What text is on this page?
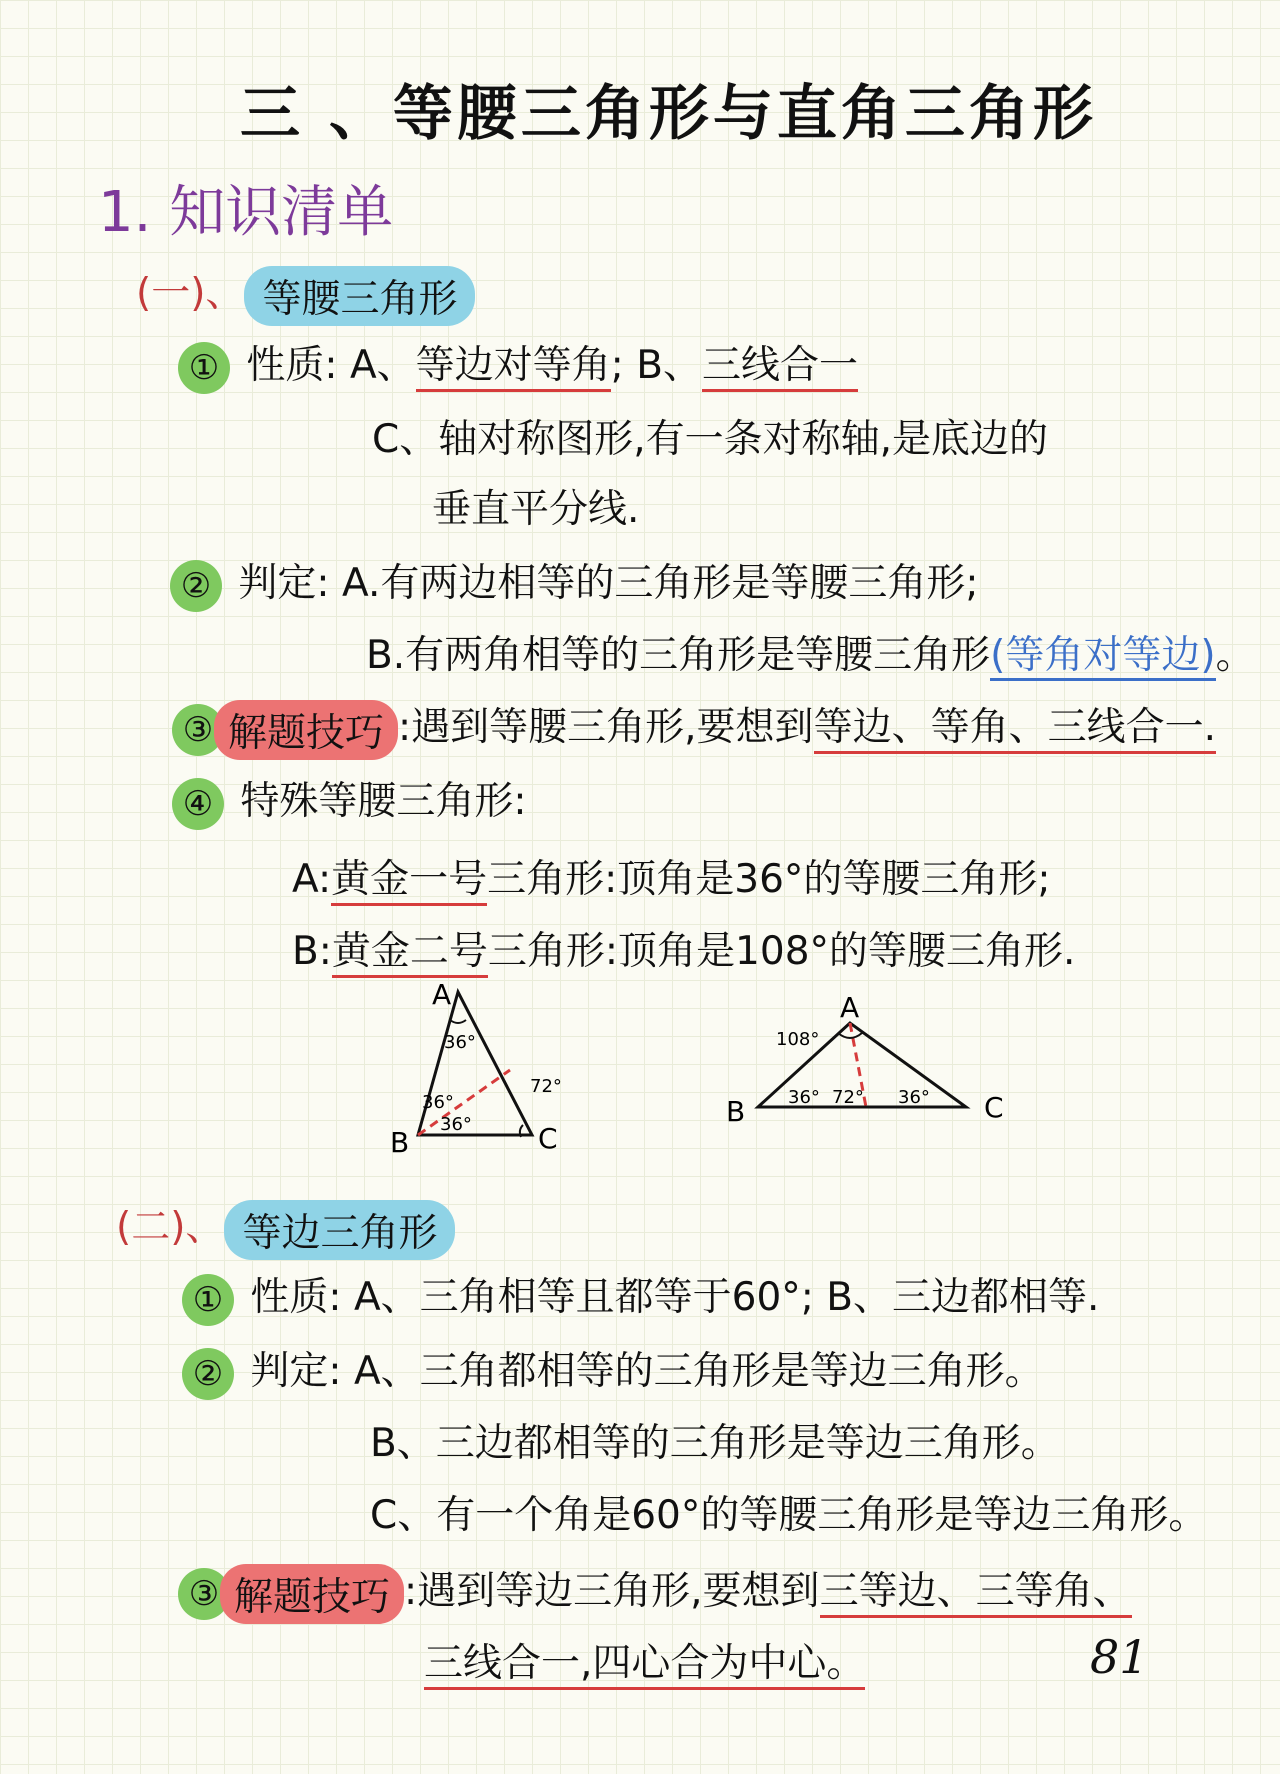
三 、等腰三角形与直角三角形
1. 知识清单
(一)、 等腰三角形
① 性质: A、等边对等角; B、三线合一
C、轴对称图形,有一条对称轴,是底边的
垂直平分线.
② 判定: A.有两边相等的三角形是等腰三角形;
B.有两角相等的三角形是等腰三角形(等角对等边)。
③ 解题技巧 :遇到等腰三角形,要想到等边、等角、三线合一.
④ 特殊等腰三角形:
A:黄金一号三角形:顶角是36°的等腰三角形;
B:黄金二号三角形:顶角是108°的等腰三角形.
A
B	C
36°
36°
36°
72°
A
B	C
108°
36° 72° 36°
(二)、 等边三角形
① 性质: A、三角相等且都等于60°; B、三边都相等.
② 判定: A、三角都相等的三角形是等边三角形。
B、三边都相等的三角形是等边三角形。
C、有一个角是60°的等腰三角形是等边三角形。
③ 解题技巧 :遇到等边三角形,要想到三等边、三等角、
三线合一,四心合为中心。	81
